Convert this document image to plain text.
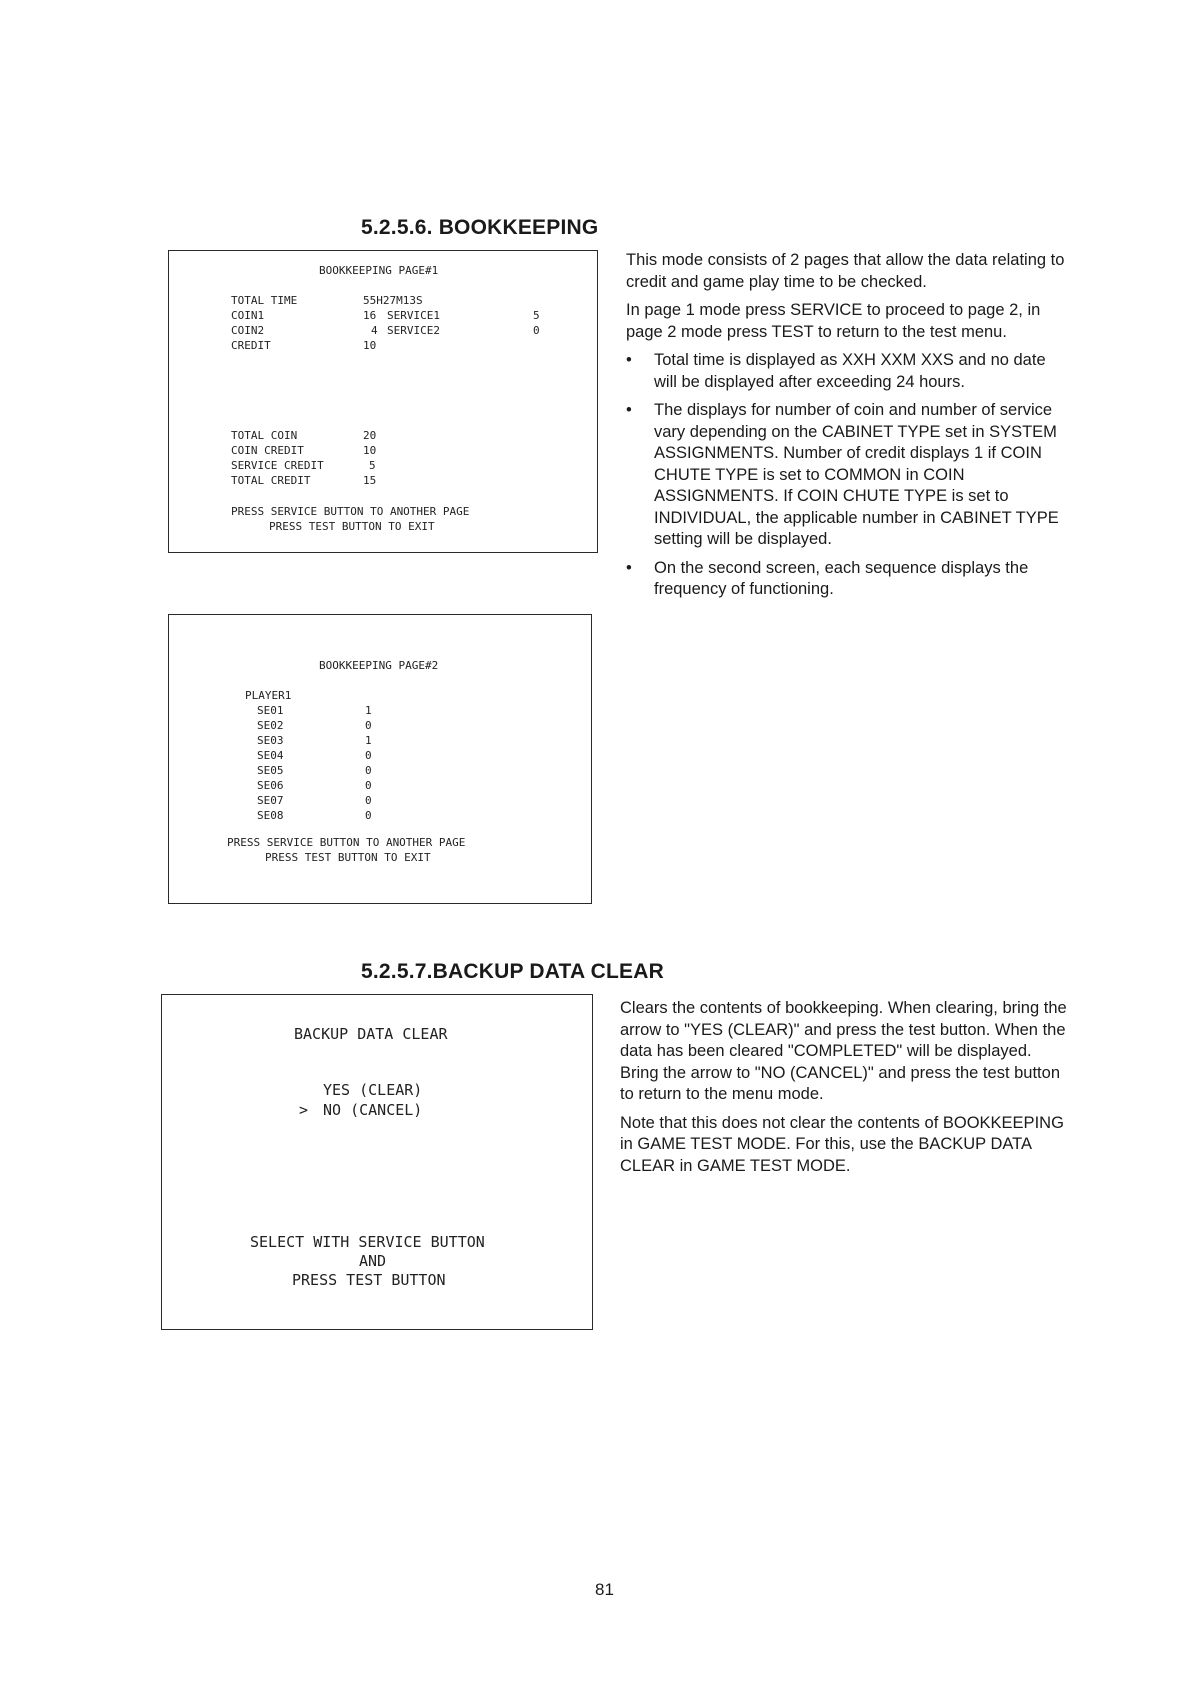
5.2.5.6. BOOKKEEPING
BOOKKEEPING PAGE#1
TOTAL TIME	55H27M13S
COIN1	16 SERVICE1	5
COIN2	4 SERVICE2	0
CREDIT	10
TOTAL COIN	20
COIN CREDIT	10
SERVICE CREDIT	5
TOTAL CREDIT	15
PRESS SERVICE BUTTON TO ANOTHER PAGE
PRESS TEST BUTTON TO EXIT
BOOKKEEPING PAGE#2
PLAYER1
SE01	1
SE02	0
SE03	1
SE04	0
SE05	0
SE06	0
SE07	0
SE08	0
PRESS SERVICE BUTTON TO ANOTHER PAGE
PRESS TEST BUTTON TO EXIT

This mode consists of 2 pages that allow the data relating to credit and game play time to be checked.

In page 1 mode press SERVICE to proceed to page 2, in page 2 mode press TEST to return to the test menu.

• Total time is displayed as XXH XXM XXS and no date will be displayed after exceeding 24 hours.
• The displays for number of coin and number of service vary depending on the CABINET TYPE set in SYSTEM ASSIGNMENTS. Number of credit displays 1 if COIN CHUTE TYPE is set to COMMON in COIN ASSIGNMENTS. If COIN CHUTE TYPE is set to INDIVIDUAL, the applicable number in CABINET TYPE setting will be displayed.
• On the second screen, each sequence displays the frequency of functioning.
5.2.5.7.BACKUP DATA CLEAR
BACKUP DATA CLEAR
YES (CLEAR)
> NO (CANCEL)
SELECT WITH SERVICE BUTTON
AND
PRESS TEST BUTTON

Clears the contents of bookkeeping. When clearing, bring the arrow to "YES (CLEAR)" and press the test button. When the data has been cleared "COMPLETED" will be displayed. Bring the arrow to "NO (CANCEL)" and press the test button to return to the menu mode.

Note that this does not clear the contents of BOOKKEEPING in GAME TEST MODE. For this, use the BACKUP DATA CLEAR in GAME TEST MODE.

81
